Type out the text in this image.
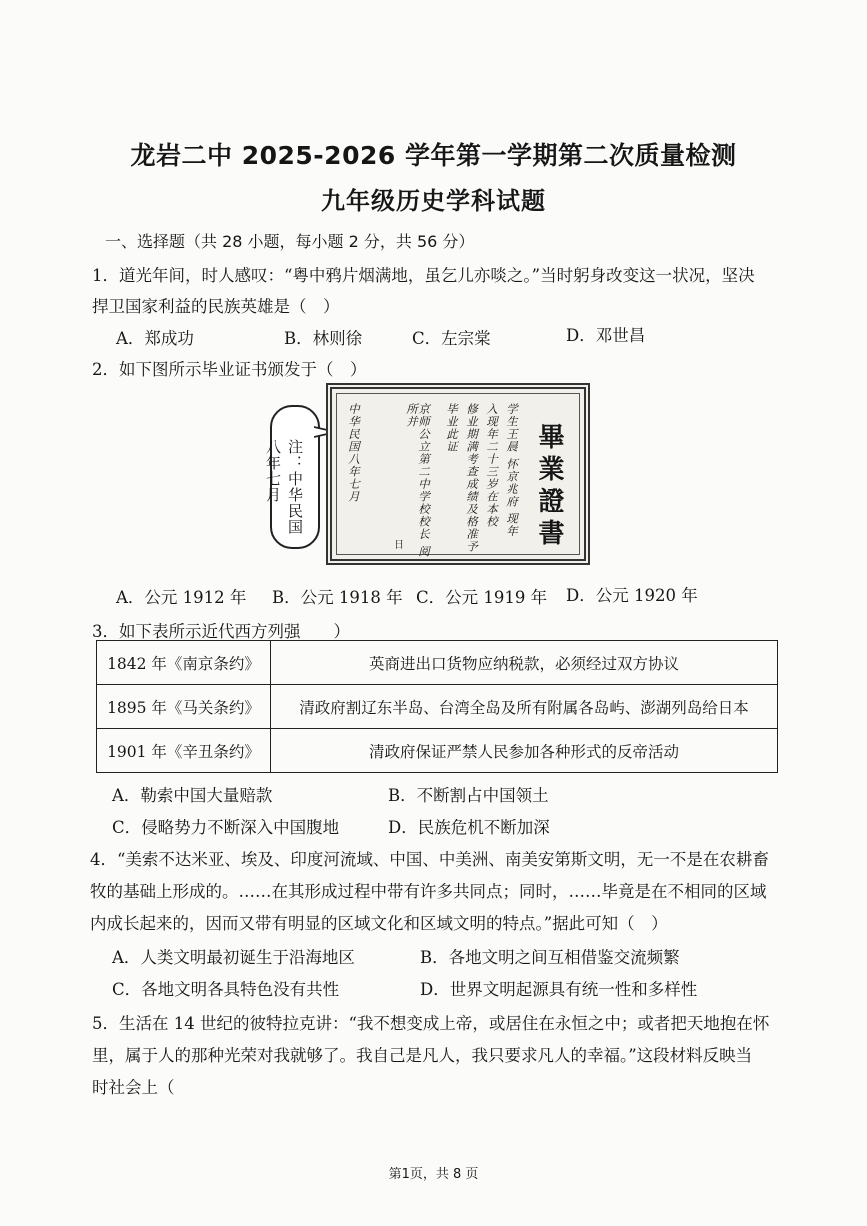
龙岩二中 2025-2026 学年第一学期第二次质量检测
九年级历史学科试题
一、选择题（共 28 小题，每小题 2 分，共 56 分）
1．道光年间，时人感叹：“粤中鸦片烟满地，虽乞儿亦啖之。”当时躬身改变这一状况，坚决
捍卫国家利益的民族英雄是（　）
A．郑成功	B．林则徐	C．左宗棠	D．邓世昌
2．如下图所示毕业证书颁发于（　）
注：中华民国八年七月	畢業證書
学生王晨 怀京兆府 现年
入现年二十三岁在本校
修业期满考查成绩及格准予
毕业此证
京师公立第二中学校校长 阅 所并
中华民国八年七月
日
A．公元 1912 年 B．公元 1918 年 C．公元 1919 年 D．公元 1920 年
3．如下表所示近代西方列强　　）
1842 年《南京条约》	英商进出口货物应纳税款，必须经过双方协议
1895 年《马关条约》	清政府割辽东半岛、台湾全岛及所有附属各岛屿、澎湖列岛给日本
1901 年《辛丑条约》	清政府保证严禁人民参加各种形式的反帝活动
A．勒索中国大量赔款	B．不断割占中国领土
C．侵略势力不断深入中国腹地	D．民族危机不断加深
4．“美索不达米亚、埃及、印度河流域、中国、中美洲、南美安第斯文明，无一不是在农耕畜
牧的基础上形成的。……在其形成过程中带有许多共同点；同时，……毕竟是在不相同的区域
内成长起来的，因而又带有明显的区域文化和区域文明的特点。”据此可知（　）
A．人类文明最初诞生于沿海地区	B．各地文明之间互相借鉴交流频繁
C．各地文明各具特色没有共性	D．世界文明起源具有统一性和多样性
5．生活在 14 世纪的彼特拉克讲：“我不想变成上帝，或居住在永恒之中；或者把天地抱在怀
里，属于人的那种光荣对我就够了。我自己是凡人，我只要求凡人的幸福。”这段材料反映当
时社会上（
第1页，共 8 页
